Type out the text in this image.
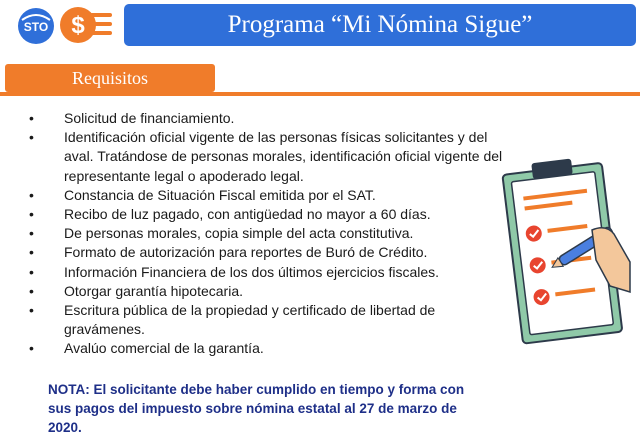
STO $	Programa “Mi Nómina Sigue”
Requisitos
• Solicitud de financiamiento.
• Identificación oficial vigente de las personas físicas solicitantes y del aval. Tratándose de personas morales, identificación oficial vigente del representante legal o apoderado legal.
• Constancia de Situación Fiscal emitida por el SAT.
• Recibo de luz pagado, con antigüedad no mayor a 60 días.
• De personas morales, copia simple del acta constitutiva.
• Formato de autorización para reportes de Buró de Crédito.
• Información Financiera de los dos últimos ejercicios fiscales.
• Otorgar garantía hipotecaria.
• Escritura pública de la propiedad y certificado de libertad de gravámenes.
• Avalúo comercial de la garantía.
NOTA: El solicitante debe haber cumplido en tiempo y forma con sus pagos del impuesto sobre nómina estatal al 27 de marzo de 2020.
